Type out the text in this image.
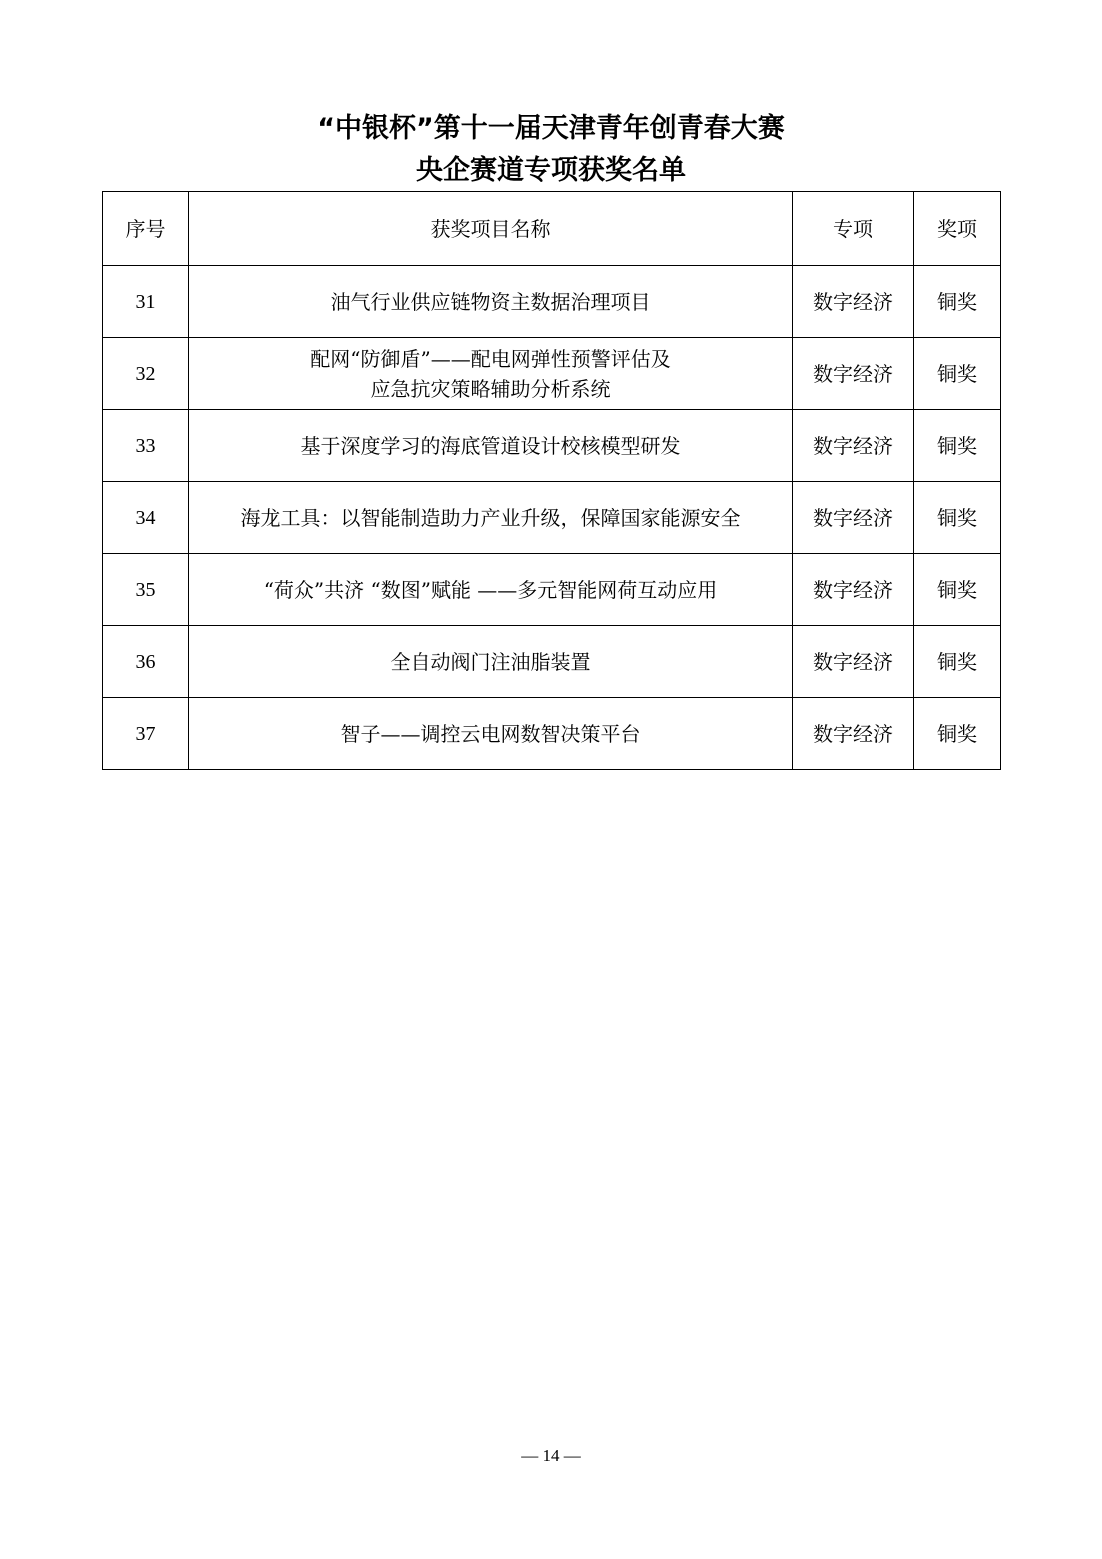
“中银杯”第十一届天津青年创青春大赛
央企赛道专项获奖名单
序号	获奖项目名称	专项	奖项
31	油气行业供应链物资主数据治理项目	数字经济	铜奖
32	配网“防御盾”——配电网弹性预警评估及
应急抗灾策略辅助分析系统	数字经济	铜奖
33	基于深度学习的海底管道设计校核模型研发	数字经济	铜奖
34	海龙工具：以智能制造助力产业升级，保障国家能源安全	数字经济	铜奖
35	“荷众”共济 “数图”赋能 ——多元智能网荷互动应用	数字经济	铜奖
36	全自动阀门注油脂装置	数字经济	铜奖
37	智子——调控云电网数智决策平台	数字经济	铜奖
— 14 —
